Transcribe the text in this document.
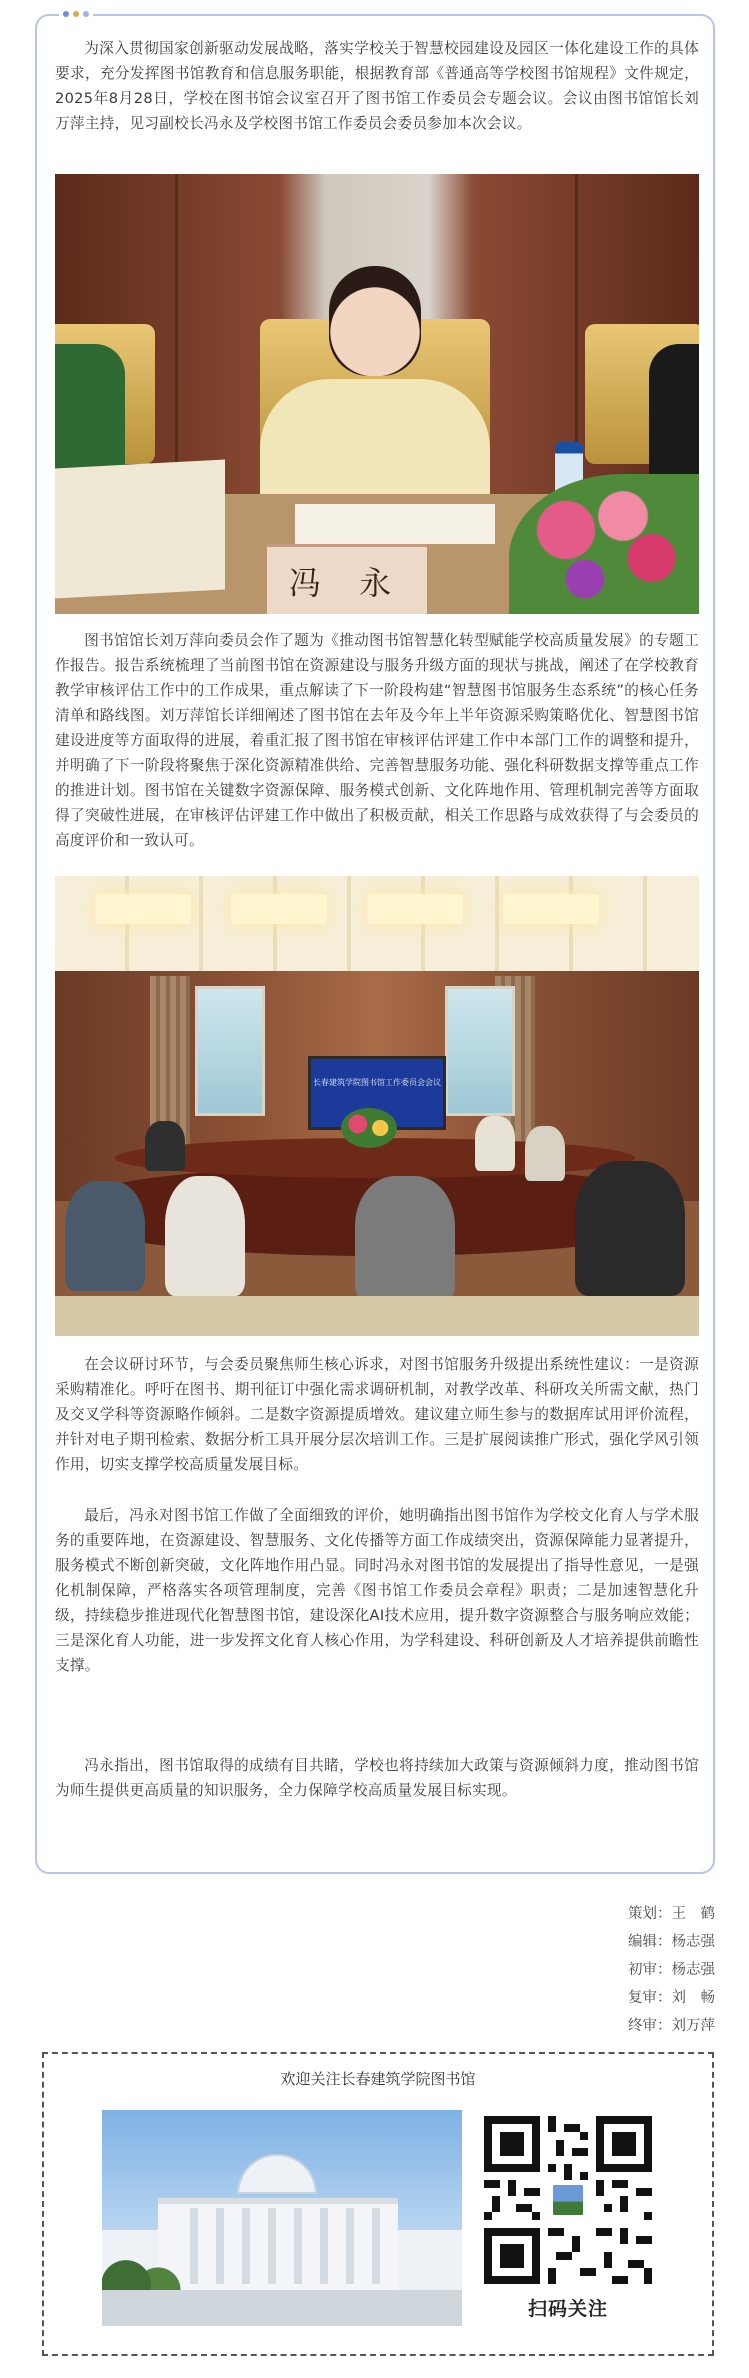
为深入贯彻国家创新驱动发展战略，落实学校关于智慧校园建设及园区一体化建设工作的具体要求，充分发挥图书馆教育和信息服务职能，根据教育部《普通高等学校图书馆规程》文件规定，2025年8月28日，学校在图书馆会议室召开了图书馆工作委员会专题会议。会议由图书馆馆长刘万萍主持，见习副校长冯永及学校图书馆工作委员会委员参加本次会议。

冯 永

图书馆馆长刘万萍向委员会作了题为《推动图书馆智慧化转型赋能学校高质量发展》的专题工作报告。报告系统梳理了当前图书馆在资源建设与服务升级方面的现状与挑战，阐述了在学校教育教学审核评估工作中的工作成果，重点解读了下一阶段构建“智慧图书馆服务生态系统”的核心任务清单和路线图。刘万萍馆长详细阐述了图书馆在去年及今年上半年资源采购策略优化、智慧图书馆建设进度等方面取得的进展，着重汇报了图书馆在审核评估评建工作中本部门工作的调整和提升，并明确了下一阶段将聚焦于深化资源精准供给、完善智慧服务功能、强化科研数据支撑等重点工作的推进计划。图书馆在关键数字资源保障、服务模式创新、文化阵地作用、管理机制完善等方面取得了突破性进展，在审核评估评建工作中做出了积极贡献，相关工作思路与成效获得了与会委员的高度评价和一致认可。

长春建筑学院图书馆工作委员会会议

在会议研讨环节，与会委员聚焦师生核心诉求，对图书馆服务升级提出系统性建议：一是资源采购精准化。呼吁在图书、期刊征订中强化需求调研机制，对教学改革、科研攻关所需文献，热门及交叉学科等资源略作倾斜。二是数字资源提质增效。建议建立师生参与的数据库试用评价流程，并针对电子期刊检索、数据分析工具开展分层次培训工作。三是扩展阅读推广形式，强化学风引领作用，切实支撑学校高质量发展目标。

最后，冯永对图书馆工作做了全面细致的评价，她明确指出图书馆作为学校文化育人与学术服务的重要阵地，在资源建设、智慧服务、文化传播等方面工作成绩突出，资源保障能力显著提升，服务模式不断创新突破，文化阵地作用凸显。同时冯永对图书馆的发展提出了指导性意见，一是强化机制保障，严格落实各项管理制度，完善《图书馆工作委员会章程》职责；二是加速智慧化升级，持续稳步推进现代化智慧图书馆，建设深化AI技术应用，提升数字资源整合与服务响应效能；三是深化育人功能，进一步发挥文化育人核心作用，为学科建设、科研创新及人才培养提供前瞻性支撑。

冯永指出，图书馆取得的成绩有目共睹，学校也将持续加大政策与资源倾斜力度，推动图书馆为师生提供更高质量的知识服务，全力保障学校高质量发展目标实现。

策划：王　鹤
编辑：杨志强
初审：杨志强
复审：刘　畅
终审：刘万萍
欢迎关注长春建筑学院图书馆
扫码关注
